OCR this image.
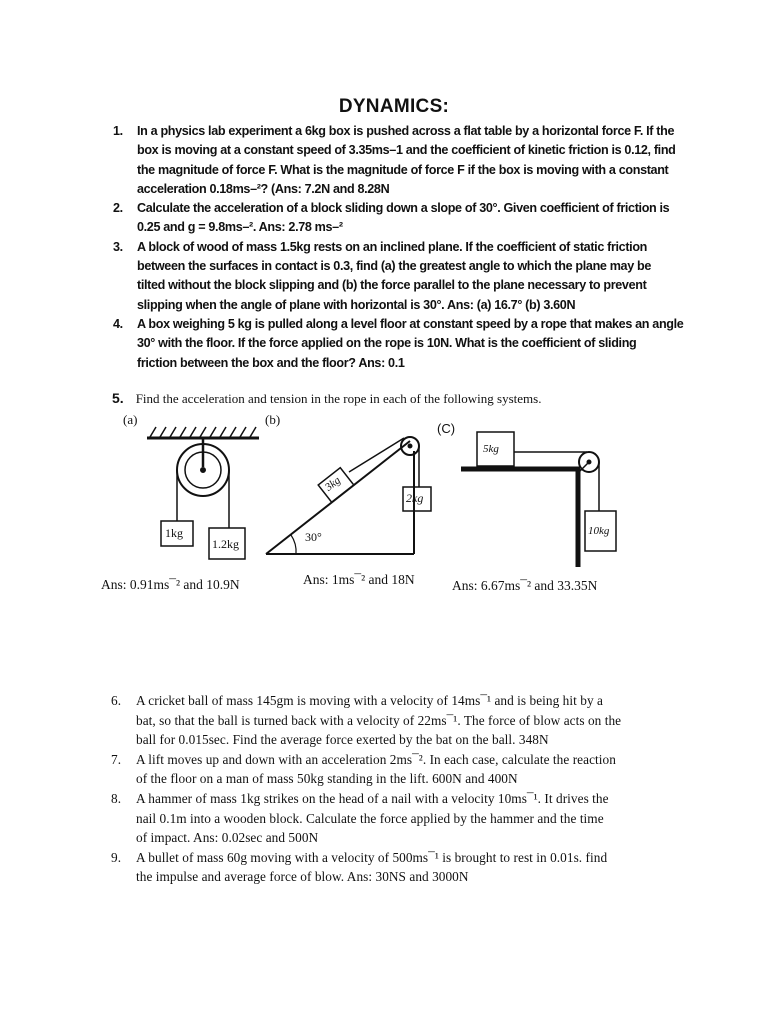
DYNAMICS:
1. In a physics lab experiment a 6kg box is pushed across a flat table by a horizontal force F. If the
box is moving at a constant speed of 3.35ms–1 and the coefficient of kinetic friction is 0.12, find
the magnitude of force F. What is the magnitude of force F if the box is moving with a constant
acceleration 0.18ms–²? (Ans: 7.2N and 8.28N
2. Calculate the acceleration of a block sliding down a slope of 30°. Given coefficient of friction is
0.25 and g = 9.8ms–². Ans: 2.78 ms–²
3. A block of wood of mass 1.5kg rests on an inclined plane. If the coefficient of static friction
between the surfaces in contact is 0.3, find (a) the greatest angle to which the plane may be
tilted without the block slipping and (b) the force parallel to the plane necessary to prevent
slipping when the angle of plane with horizontal is 30°. Ans: (a) 16.7° (b) 3.60N
4. A box weighing 5 kg is pulled along a level floor at constant speed by a rope that makes an angle
30° with the floor. If the force applied on the rope is 10N. What is the coefficient of sliding
friction between the box and the floor? Ans: 0.1
5. Find the acceleration and tension in the rope in each of the following systems.
(a)	(b)
(C)
1kg
1.2kg
3kg
2kg
30°
5kg
10kg
Ans: 0.91ms¯² and 10.9N	Ans: 1ms¯² and 18N	Ans: 6.67ms¯² and 33.35N
6. A cricket ball of mass 145gm is moving with a velocity of 14ms¯¹ and is being hit by a
bat, so that the ball is turned back with a velocity of 22ms¯¹. The force of blow acts on the
ball for 0.015sec. Find the average force exerted by the bat on the ball. 348N
7. A lift moves up and down with an acceleration 2ms¯². In each case, calculate the reaction
of the floor on a man of mass 50kg standing in the lift. 600N and 400N
8. A hammer of mass 1kg strikes on the head of a nail with a velocity 10ms¯¹. It drives the
nail 0.1m into a wooden block. Calculate the force applied by the hammer and the time
of impact. Ans: 0.02sec and 500N
9. A bullet of mass 60g moving with a velocity of 500ms¯¹ is brought to rest in 0.01s. find
the impulse and average force of blow. Ans: 30NS and 3000N
